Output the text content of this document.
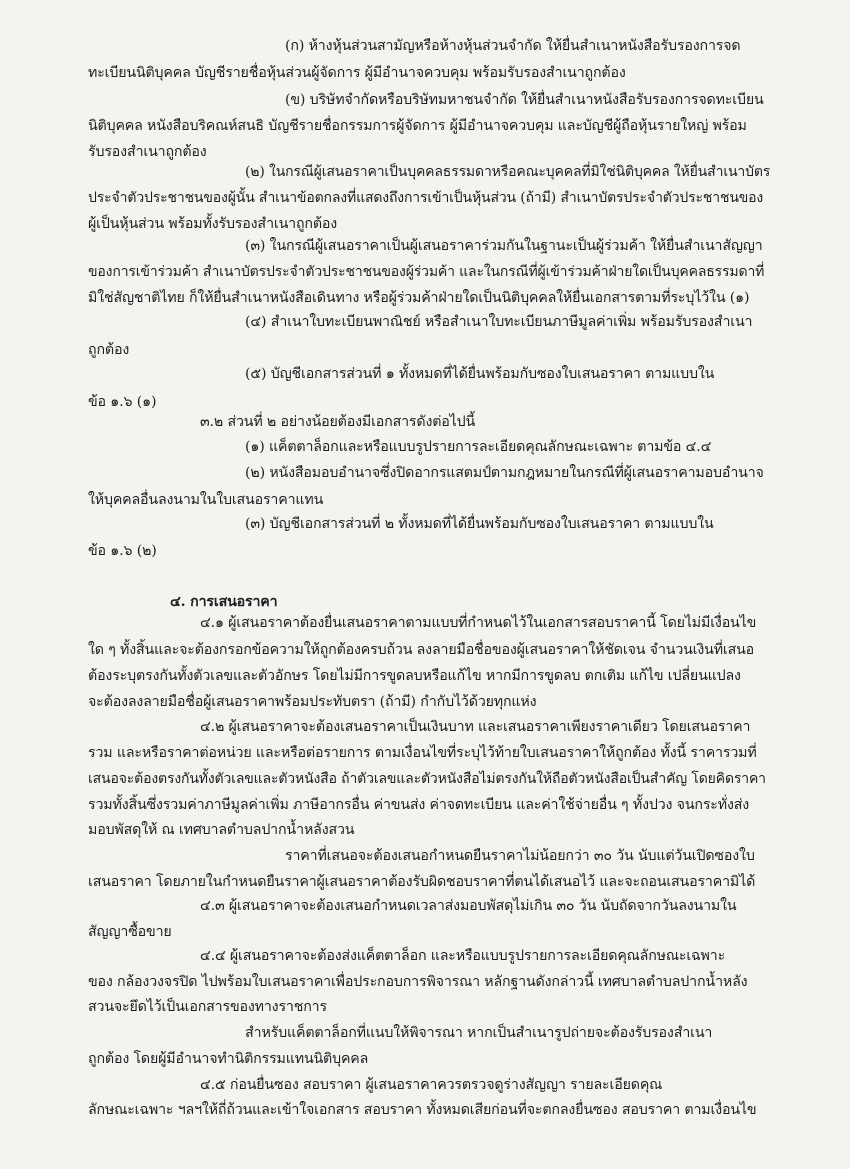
(ก) ห้างหุ้นส่วนสามัญหรือห้างหุ้นส่วนจำกัด ให้ยื่นสำเนาหนังสือรับรองการจด
ทะเบียนนิติบุคคล บัญชีรายชื่อหุ้นส่วนผู้จัดการ ผู้มีอำนาจควบคุม พร้อมรับรองสำเนาถูกต้อง
(ข) บริษัทจำกัดหรือบริษัทมหาชนจำกัด ให้ยื่นสำเนาหนังสือรับรองการจดทะเบียน
นิติบุคคล หนังสือบริคณห์สนธิ บัญชีรายชื่อกรรมการผู้จัดการ ผู้มีอำนาจควบคุม และบัญชีผู้ถือหุ้นรายใหญ่ พร้อม
รับรองสำเนาถูกต้อง
(๒) ในกรณีผู้เสนอราคาเป็นบุคคลธรรมดาหรือคณะบุคคลที่มิใช่นิติบุคคล ให้ยื่นสำเนาบัตร
ประจำตัวประชาชนของผู้นั้น สำเนาข้อตกลงที่แสดงถึงการเข้าเป็นหุ้นส่วน (ถ้ามี) สำเนาบัตรประจำตัวประชาชนของ
ผู้เป็นหุ้นส่วน พร้อมทั้งรับรองสำเนาถูกต้อง
(๓) ในกรณีผู้เสนอราคาเป็นผู้เสนอราคาร่วมกันในฐานะเป็นผู้ร่วมค้า ให้ยื่นสำเนาสัญญา
ของการเข้าร่วมค้า สำเนาบัตรประจำตัวประชาชนของผู้ร่วมค้า และในกรณีที่ผู้เข้าร่วมค้าฝ่ายใดเป็นบุคคลธรรมดาที่
มิใช่สัญชาติไทย ก็ให้ยื่นสำเนาหนังสือเดินทาง หรือผู้ร่วมค้าฝ่ายใดเป็นนิติบุคคลให้ยื่นเอกสารตามที่ระบุไว้ใน (๑)
(๔) สำเนาใบทะเบียนพาณิชย์ หรือสำเนาใบทะเบียนภาษีมูลค่าเพิ่ม พร้อมรับรองสำเนา
ถูกต้อง
(๕) บัญชีเอกสารส่วนที่ ๑ ทั้งหมดที่ได้ยื่นพร้อมกับซองใบเสนอราคา ตามแบบใน
ข้อ ๑.๖ (๑)
๓.๒ ส่วนที่ ๒ อย่างน้อยต้องมีเอกสารดังต่อไปนี้
(๑) แค็ตตาล็อกและหรือแบบรูปรายการละเอียดคุณลักษณะเฉพาะ ตามข้อ ๔.๔
(๒) หนังสือมอบอำนาจซึ่งปิดอากรแสตมป์ตามกฎหมายในกรณีที่ผู้เสนอราคามอบอำนาจ
ให้บุคคลอื่นลงนามในใบเสนอราคาแทน
(๓) บัญชีเอกสารส่วนที่ ๒ ทั้งหมดที่ได้ยื่นพร้อมกับซองใบเสนอราคา ตามแบบใน
ข้อ ๑.๖ (๒)
๔. การเสนอราคา
๔.๑ ผู้เสนอราคาต้องยื่นเสนอราคาตามแบบที่กำหนดไว้ในเอกสารสอบราคานี้ โดยไม่มีเงื่อนไข
ใด ๆ ทั้งสิ้นและจะต้องกรอกข้อความให้ถูกต้องครบถ้วน ลงลายมือชื่อของผู้เสนอราคาให้ชัดเจน จำนวนเงินที่เสนอ
ต้องระบุตรงกันทั้งตัวเลขและตัวอักษร โดยไม่มีการขูดลบหรือแก้ไข หากมีการขูดลบ ตกเติม แก้ไข เปลี่ยนแปลง
จะต้องลงลายมือชื่อผู้เสนอราคาพร้อมประทับตรา (ถ้ามี) กำกับไว้ด้วยทุกแห่ง
๔.๒ ผู้เสนอราคาจะต้องเสนอราคาเป็นเงินบาท และเสนอราคาเพียงราคาเดียว โดยเสนอราคา
รวม และหรือราคาต่อหน่วย และหรือต่อรายการ ตามเงื่อนไขที่ระบุไว้ท้ายใบเสนอราคาให้ถูกต้อง ทั้งนี้ ราคารวมที่
เสนอจะต้องตรงกันทั้งตัวเลขและตัวหนังสือ ถ้าตัวเลขและตัวหนังสือไม่ตรงกันให้ถือตัวหนังสือเป็นสำคัญ โดยคิดราคา
รวมทั้งสิ้นซึ่งรวมค่าภาษีมูลค่าเพิ่ม ภาษีอากรอื่น ค่าขนส่ง ค่าจดทะเบียน และค่าใช้จ่ายอื่น ๆ ทั้งปวง จนกระทั่งส่ง
มอบพัสดุให้ ณ เทศบาลตำบลปากน้ำหลังสวน
ราคาที่เสนอจะต้องเสนอกำหนดยืนราคาไม่น้อยกว่า ๓๐ วัน นับแต่วันเปิดซองใบ
เสนอราคา โดยภายในกำหนดยืนราคาผู้เสนอราคาต้องรับผิดชอบราคาที่ตนได้เสนอไว้ และจะถอนเสนอราคามิได้
๔.๓ ผู้เสนอราคาจะต้องเสนอกำหนดเวลาส่งมอบพัสดุไม่เกิน ๓๐ วัน นับถัดจากวันลงนามใน
สัญญาซื้อขาย
๔.๔ ผู้เสนอราคาจะต้องส่งแค็ตตาล็อก และหรือแบบรูปรายการละเอียดคุณลักษณะเฉพาะ
ของ กล้องวงจรปิด ไปพร้อมใบเสนอราคาเพื่อประกอบการพิจารณา หลักฐานดังกล่าวนี้ เทศบาลตำบลปากน้ำหลัง
สวนจะยึดไว้เป็นเอกสารของทางราชการ
สำหรับแค็ตตาล็อกที่แนบให้พิจารณา หากเป็นสำเนารูปถ่ายจะต้องรับรองสำเนา
ถูกต้อง โดยผู้มีอำนาจทำนิติกรรมแทนนิติบุคคล
๔.๕ ก่อนยื่นซอง สอบราคา ผู้เสนอราคาควรตรวจดูร่างสัญญา รายละเอียดคุณ
ลักษณะเฉพาะ ฯลฯให้ถี่ถ้วนและเข้าใจเอกสาร สอบราคา ทั้งหมดเสียก่อนที่จะตกลงยื่นซอง สอบราคา ตามเงื่อนไข
